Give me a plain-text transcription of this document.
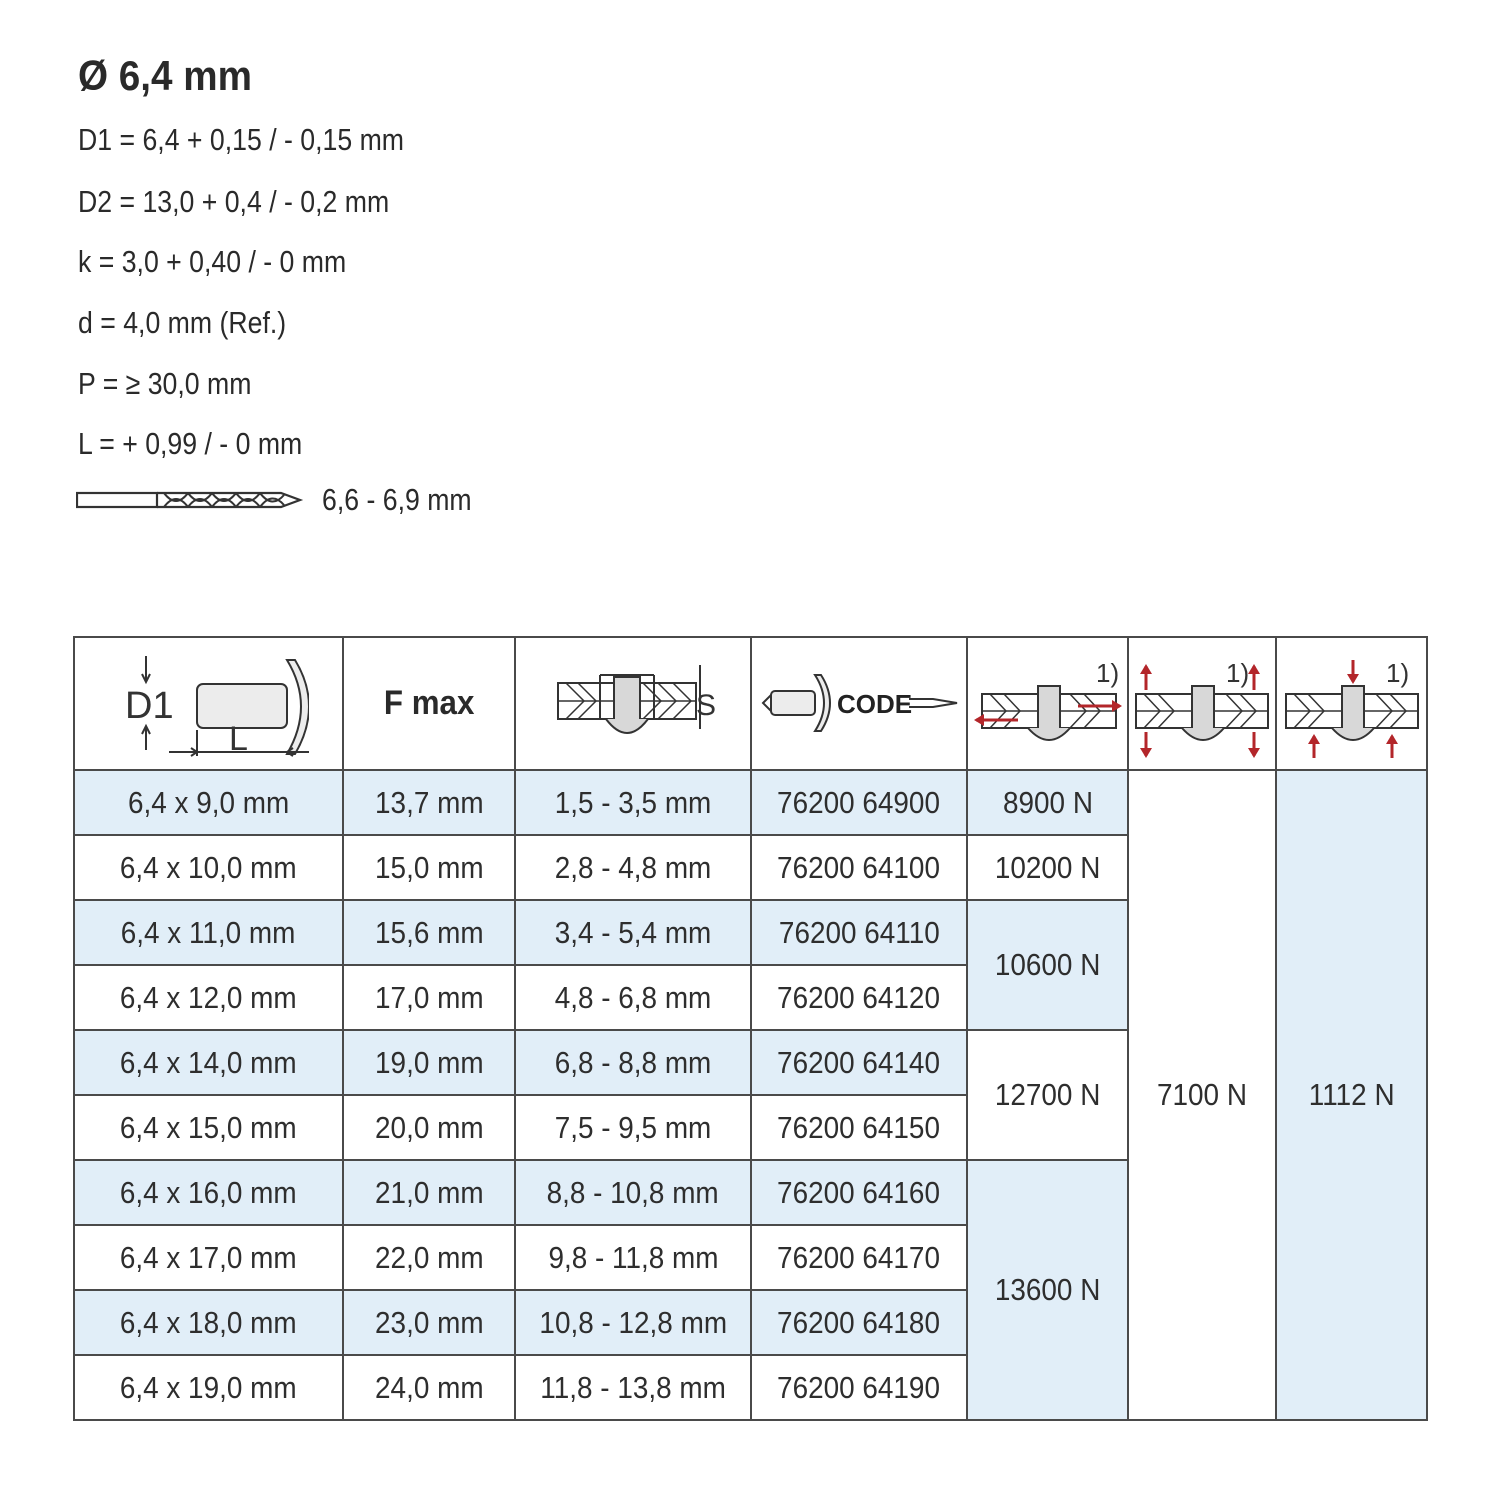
Ø 6,4 mm
D1 = 6,4 + 0,15 / - 0,15 mm
D2 = 13,0 + 0,4 / - 0,2 mm
k = 3,0 + 0,40 / - 0 mm
d = 4,0 mm (Ref.)
P = ≥ 30,0 mm
L = + 0,99 / - 0 mm
6,6 - 6,9 mm
D1
L	F max	S	CODE	1)	1)	1)

6,4 x 9,0 mm	13,7 mm	1,5 - 3,5 mm	76200 64900	8900 N	7100 N	1112 N
6,4 x 10,0 mm	15,0 mm	2,8 - 4,8 mm	76200 64100	10200 N		
6,4 x 11,0 mm	15,6 mm	3,4 - 5,4 mm	76200 64110	10600 N		
6,4 x 12,0 mm	17,0 mm	4,8 - 6,8 mm	76200 64120			
6,4 x 14,0 mm	19,0 mm	6,8 - 8,8 mm	76200 64140	12700 N		
6,4 x 15,0 mm	20,0 mm	7,5 - 9,5 mm	76200 64150			
6,4 x 16,0 mm	21,0 mm	8,8 - 10,8 mm	76200 64160	13600 N		
6,4 x 17,0 mm	22,0 mm	9,8 - 11,8 mm	76200 64170			
6,4 x 18,0 mm	23,0 mm	10,8 - 12,8 mm	76200 64180			
6,4 x 19,0 mm	24,0 mm	11,8 - 13,8 mm	76200 64190			
